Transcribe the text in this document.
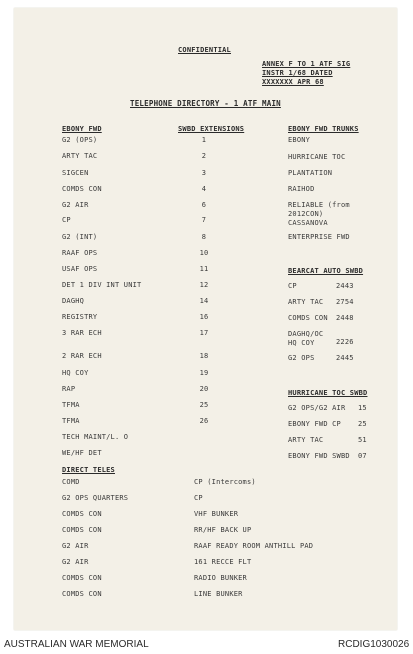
CONFIDENTIAL
ANNEX F TO 1 ATF SIG
INSTR 1/68 DATED
XXXXXXX APR 68
TELEPHONE DIRECTORY - 1 ATF MAIN
EBONY FWD	SWBD EXTENSIONS	EBONY FWD TRUNKS
G2 (OPS)	1
ARTY TAC	2
SIGCEN	3
COMDS CON	4
G2 AIR	6
CP	7
G2 (INT)	8
RAAF OPS	10
USAF OPS	11
DET 1 DIV INT UNIT	12
DAGHQ	14
REGISTRY	16
3 RAR ECH	17
2 RAR ECH	18
HQ COY	19
RAP	20
TFMA	25
TFMA	26
TECH MAINT/L. O
WE/HF DET
EBONY
HURRICANE TOC
PLANTATION
RAIHOD
RELIABLE (from 2012CON)
CASSANOVA
ENTERPRISE FWD
BEARCAT AUTO SWBD
CP	2443
ARTY TAC 2754
COMDS CON 2448
DAGHQ/OC HQ COY	2226
G2 OPS	2445
HURRICANE TOC SWBD
G2 OPS/G2 AIR 15
EBONY FWD CP 25
ARTY TAC	51
EBONY FWD SWBD 07
DIRECT TELES
COMD	CP (Intercoms)
G2 OPS QUARTERS	CP
COMDS CON	VHF BUNKER
COMDS CON	RR/HF BACK UP
G2 AIR	RAAF READY ROOM ANTHILL PAD
G2 AIR	161 RECCE FLT
COMDS CON	RADIO BUNKER
COMDS CON	LINE BUNKER
AUSTRALIAN WAR MEMORIAL	RCDIG1030026
